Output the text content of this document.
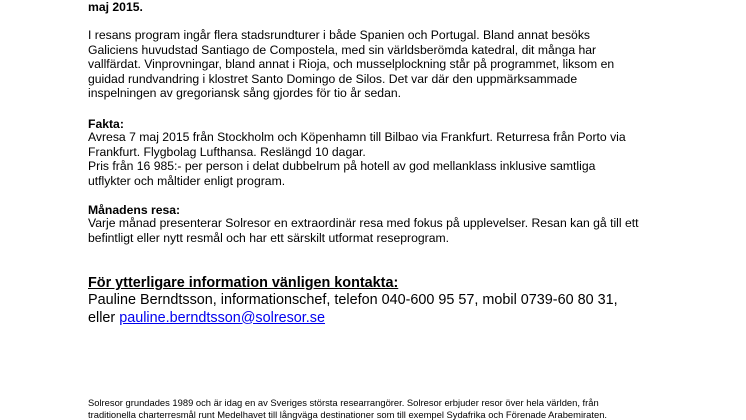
maj 2015.
I resans program ingår flera stadsrundturer i både Spanien och Portugal. Bland annat besöks
Galiciens huvudstad Santiago de Compostela, med sin världsberömda katedral, dit många har
vallfärdat. Vinprovningar, bland annat i Rioja, och musselplockning står på programmet, liksom en
guidad rundvandring i klostret Santo Domingo de Silos. Det var där den uppmärksammade
inspelningen av gregoriansk sång gjordes för tio år sedan.
Fakta:
Avresa 7 maj 2015 från Stockholm och Köpenhamn till Bilbao via Frankfurt. Returresa från Porto via
Frankfurt. Flygbolag Lufthansa. Reslängd 10 dagar.
Pris från 16 985:- per person i delat dubbelrum på hotell av god mellanklass inklusive samtliga
utflykter och måltider enligt program.
Månadens resa:
Varje månad presenterar Solresor en extraordinär resa med fokus på upplevelser. Resan kan gå till ett
befintligt eller nytt resmål och har ett särskilt utformat reseprogram.
För ytterligare information vänligen kontakta:
Pauline Berndtsson, informationschef, telefon 040-600 95 57, mobil 0739-60 80 31,
eller pauline.berndtsson@solresor.se
Solresor grundades 1989 och är idag en av Sveriges största researrangörer. Solresor erbjuder resor över hela världen, från
traditionella charterresmål runt Medelhavet till långväga destinationer som till exempel Sydafrika och Förenade Arabemiraten.
